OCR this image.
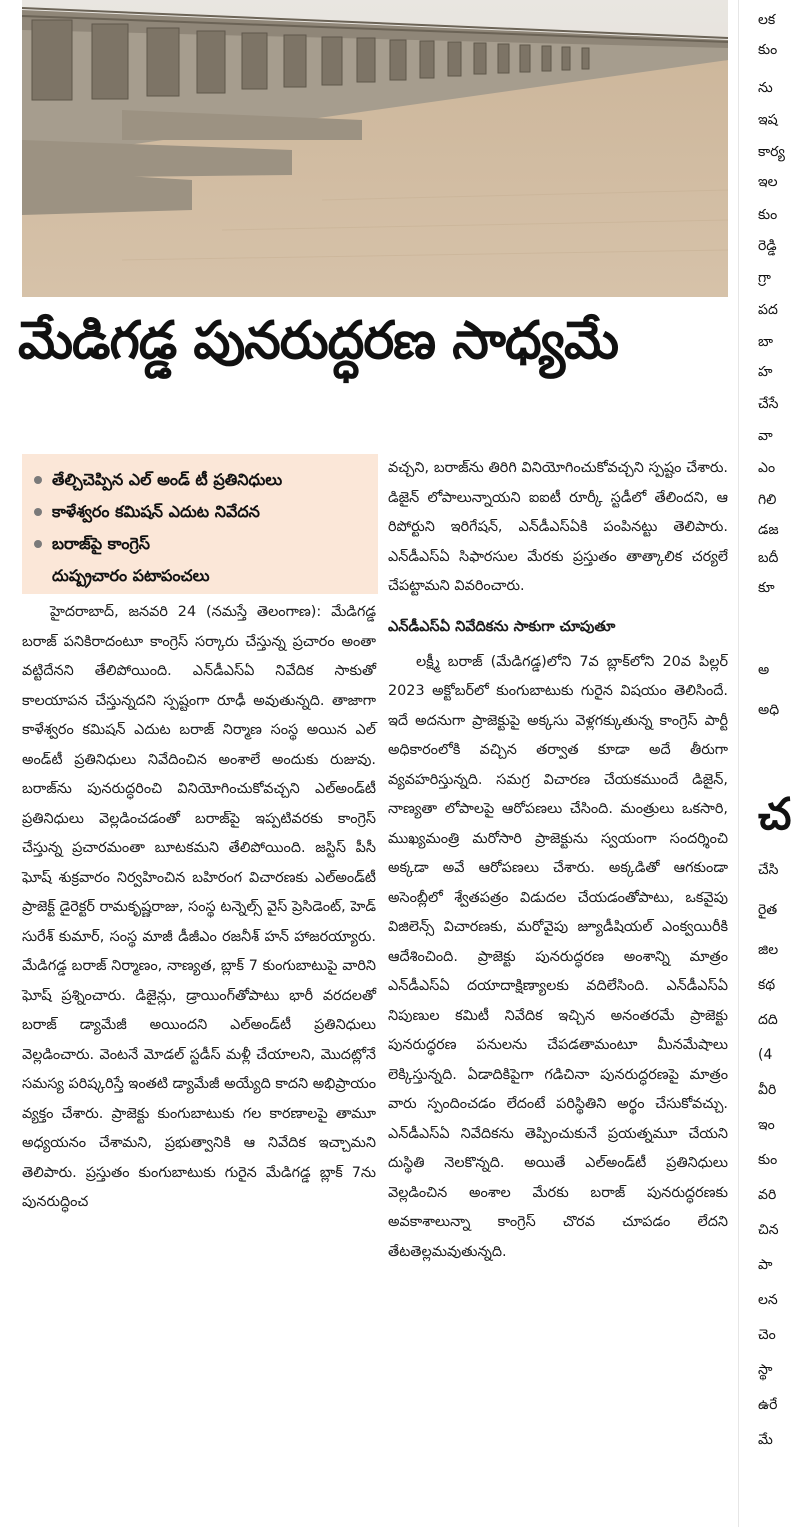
మేడిగడ్డ పునరుద్ధరణ సాధ్యమే
తేల్చిచెప్పిన ఎల్‌ అండ్‌ టీ ప్రతినిధులు
కాళేశ్వరం కమిషన్‌ ఎదుట నివేదన
బరాజ్‌పై కాంగ్రెస్‌
దుష్ప్రచారం పటాపంచలు

హైదరాబాద్‌, జనవరి 24 (నమస్తే తెలంగాణ): మేడిగడ్డ బరాజ్‌ పనికిరాదంటూ కాంగ్రెస్‌ సర్కారు చేస్తున్న ప్రచారం అంతా వట్టిదేనని తేలిపోయింది. ఎన్‌డీఎస్‌ఏ నివేదిక సాకుతో కాలయాపన చేస్తున్నదని స్పష్టంగా రూఢీ అవుతున్నది. తాజాగా కాళేశ్వరం కమిషన్‌ ఎదుట బరాజ్‌ నిర్మాణ సంస్థ అయిన ఎల్‌ అండ్‌టీ ప్రతినిధులు నివేదించిన అంశాలే అందుకు రుజువు. బరాజ్‌ను పునరుద్ధరించి వినియోగించుకోవచ్చని ఎల్‌అండ్‌టీ ప్రతినిధులు వెల్లడించడంతో బరాజ్‌పై ఇప్పటివరకు కాంగ్రెస్‌ చేస్తున్న ప్రచారమంతా బూటకమని తేలిపోయింది. జస్టిస్‌ పీసీ ఘోష్‌ శుక్రవారం నిర్వహించిన బహిరంగ విచారణకు ఎల్‌అండ్‌టీ ప్రాజెక్ట్‌ డైరెక్టర్‌ రామకృష్ణరాజు, సంస్థ టన్నెల్స్‌ వైస్‌ ప్రెసిడెంట్‌, హెడ్‌ సురేశ్‌ కుమార్‌, సంస్థ మాజీ డీజీఎం రజనీశ్‌ హన్‌ హాజరయ్యారు. మేడిగడ్డ బరాజ్‌ నిర్మాణం, నాణ్యత, బ్లాక్‌ 7 కుంగుబాటుపై వారిని ఘోష్‌ ప్రశ్నించారు. డిజైన్లు, డ్రాయింగ్‌తోపాటు భారీ వరదలతో బరాజ్‌ డ్యామేజీ అయిందని ఎల్‌అండ్‌టీ ప్రతినిధులు వెల్లడించారు. వెంటనే మోడల్‌ స్టడీస్‌ మళ్లీ చేయాలని, మొదట్లోనే సమస్య పరిష్కరిస్తే ఇంతటి డ్యామేజీ అయ్యేది కాదని అభిప్రాయం వ్యక్తం చేశారు. ప్రాజెక్టు కుంగుబాటుకు గల కారణాలపై తామూ అధ్యయనం చేశామని, ప్రభుత్వానికి ఆ నివేదిక ఇచ్చామని తెలిపారు. ప్రస్తుతం కుంగుబాటుకు గురైన మేడిగడ్డ బ్లాక్‌ 7ను పునరుద్ధించ

వచ్చని, బరాజ్‌ను తిరిగి వినియోగించుకోవచ్చని స్పష్టం చేశారు. డిజైన్‌ లోపాలున్నాయని ఐఐటీ రూర్కీ స్టడీలో తేలిందని, ఆ రిపోర్టుని ఇరిగేషన్‌, ఎన్‌డీఎస్‌ఏకి పంపినట్టు తెలిపారు. ఎన్‌డీఎస్‌ఏ సిఫారసుల మేరకు ప్రస్తుతం తాత్కాలిక చర్యలే చేపట్టామని వివరించారు.

ఎన్‌డీఎస్‌ఏ నివేదికను సాకుగా చూపుతూ

లక్ష్మీ బరాజ్‌ (మేడిగడ్డ)లోని 7వ బ్లాక్‌లోని 20వ పిల్లర్‌ 2023 అక్టోబర్‌లో కుంగుబాటుకు గురైన విషయం తెలిసిందే. ఇదే అదనుగా ప్రాజెక్టుపై అక్కసు వెళ్లగక్కుతున్న కాంగ్రెస్‌ పార్టీ అధికారంలోకి వచ్చిన తర్వాత కూడా అదే తీరుగా వ్యవహరిస్తున్నది. సమగ్ర విచారణ చేయకముందే డిజైన్‌, నాణ్యతా లోపాలపై ఆరోపణలు చేసింది. మంత్రులు ఒకసారి, ముఖ్యమంత్రి మరోసారి ప్రాజెక్టును స్వయంగా సందర్శించి అక్కడా అవే ఆరోపణలు చేశారు. అక్కడితో ఆగకుండా అసెంబ్లీలో శ్వేతపత్రం విడుదల చేయడంతోపాటు, ఒకవైపు విజిలెన్స్‌ విచారణకు, మరోవైపు జ్యూడీషియల్‌ ఎంక్వయిరీకి ఆదేశించింది. ప్రాజెక్టు పునరుద్ధరణ అంశాన్ని మాత్రం ఎన్‌డీఎస్‌ఏ దయాదాక్షిణ్యాలకు వదిలేసింది. ఎన్‌డీఎస్‌ఏ నిపుణుల కమిటీ నివేదిక ఇచ్చిన అనంతరమే ప్రాజెక్టు పునరుద్ధరణ పనులను చేపడతామంటూ మీనమేషాలు లెక్కిస్తున్నది. ఏడాదికిపైగా గడిచినా పునరుద్ధరణపై మాత్రం వారు స్పందించడం లేదంటే పరిస్థితిని అర్థం చేసుకోవచ్చు. ఎన్‌డీఎస్‌ఏ నివేదికను తెప్పించుకునే ప్రయత్నమూ చేయని దుస్థితి నెలకొన్నది. అయితే ఎల్‌అండ్‌టీ ప్రతినిధులు వెల్లడించిన అంశాల మేరకు బరాజ్‌ పునరుద్ధరణకు అవకాశాలున్నా కాంగ్రెస్‌ చొరవ చూపడం లేదని తేటతెల్లమవుతున్నది.

లక
కుం
ను
ఇష
కార్య
ఇల
కుం
రెడ్డి
గ్రా
పద
బా
హ
చేసే
వా
ఎం
గిలి
డజ
బదీ
కూ
అ
అధి
చ
చేసి
రైత
జిల
కథ
దది
(4
వీరి
ఇం
కుం
వరి
చిన
పా
లన
చెం
స్థా
ఉరే
మే
